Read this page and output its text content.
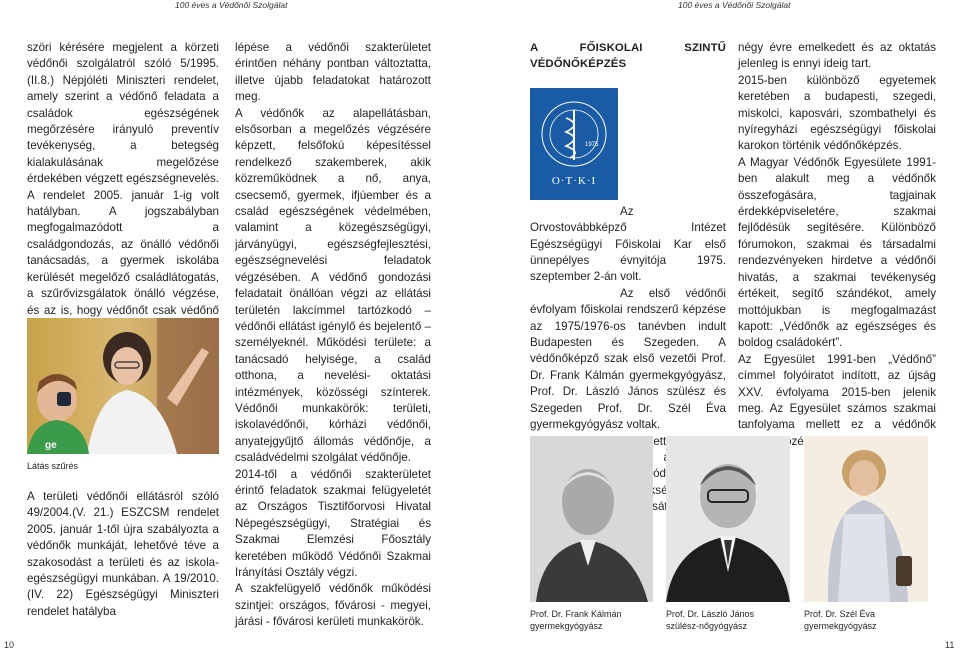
100 éves a Védőnői Szolgálat	100 éves a Védőnői Szolgálat

szöri kérésére megjelent a körzeti védőnői szolgálatról szóló 5/1995.(II.8.) Népjóléti Miniszteri rendelet, amely szerint a védőnő feladata a családok egészségének megőrzésére irányuló preventív tevékenység, a betegség kialakulásának megelőzése érdekében végzett egészségnevelés. A rendelet 2005. január 1-ig volt hatályban. A jogszabályban megfogalmazódott a családgondozás, az önálló védőnői tanácsadás, a gyermek iskolába kerülését megelőző családlátogatás, a szűrővizsgálatok önálló végzése, és az is, hogy védőnőt csak védőnő

ge
Látás szűrés

A területi védőnői ellátásról szóló 49/2004.(V. 21.) ESZCSM rendelet 2005. január 1-től újra szabályozta a védőnők munkáját, lehetővé téve a szakosodást a területi és az iskola-egészségügyi munkában. A 19/2010. (IV. 22) Egészségügyi Miniszteri rendelet hatályba

lépése a védőnői szakterületet érintően néhány pontban változtatta, illetve újabb feladatokat határozott meg.

A védőnők az alapellátásban, elsősorban a megelőzés végzésére képzett, felsőfokú képesítéssel rendelkező szakemberek, akik közreműködnek a nő, anya, csecsemő, gyermek, ifjúember és a család egészségének védelmében, valamint a közegészségügyi, járványügyi, egészségfejlesztési, egészségnevelési feladatok végzésében. A védőnő gondozási feladatait önállóan végzi az ellátási területén lakcímmel tartózkodó – védőnői ellátást igénylő és bejelentő – személyeknél. Működési területe: a tanácsadó helyisége, a család otthona, a nevelési- oktatási intézmények, közösségi színterek. Védőnői munkakörök: területi, iskolavédőnői, kórházi védőnői, anyatejgyűjtő állomás védőnője, a családvédelmi szolgálat védőnője.

2014-től a védőnői szakterületet érintő feladatok szakmai felügyeletét az Országos Tisztifőorvosi Hivatal Népegészségügyi, Stratégiai és Szakmai Elemzési Főosztály keretében működő Védőnői Szakmai Irányítási Osztály végzi.

A szakfelügyelő védőnők működési szintjei: országos, fővárosi - megyei, járási - fővárosi kerületi munkakörök.

A FŐISKOLAI SZINTŰ VÉDŐNŐKÉPZÉS
1975
O·T·K·I

Az Orvostovábbképző Intézet Egészségügyi Főiskolai Kar első ünnepélyes évnyitója 1975. szeptember 2-án volt.

Az első védőnői évfolyam főiskolai rendszerű képzése az 1975/1976-os tanévben indult Budapesten és Szegeden. A védőnőképző szak első vezetői Prof. Dr. Frank Kálmán gyermekgyógyász, Prof. Dr. László János szülész és Szegeden Prof. Dr. Szél Éva gyermekgyógyász voltak.

szükségessé

négy évre emelkedett és az oktatás jelenleg is ennyi ideig tart.

2015-ben különböző egyetemek keretében a budapesti, szegedi, miskolci, kaposvári, szombathelyi és nyíregyházi egészségügyi főiskolai karokon történik védőnőképzés.

A Magyar Védőnők Egyesülete 1991-ben alakult meg a védőnők összefogására, tagjainak érdekképviseletére, szakmai fejlődésük segítésére. Különböző fórumokon, szakmai és társadalmi rendezvényeken hirdetve a védőnői hivatás, a szakmai tevékenység értékeit, segítő szándékot, amely mottójukban is megfogalmazást kapott: „Védőnők az egészséges és boldog családokért”.

Az Egyesület 1991-ben „Védőnő” címmel folyóiratot indított, az újság XXV. évfolyama 2015-ben jelenik meg. Az Egyesület számos szakmai tanfolyama mellett ez a védőnők

Prof. Dr. Frank Kálmán
gyermekgyógyász
Prof. Dr. László János
szülész-nőgyógyász
Prof. Dr. Szél Éva
gyermekgyógyász
10	11
